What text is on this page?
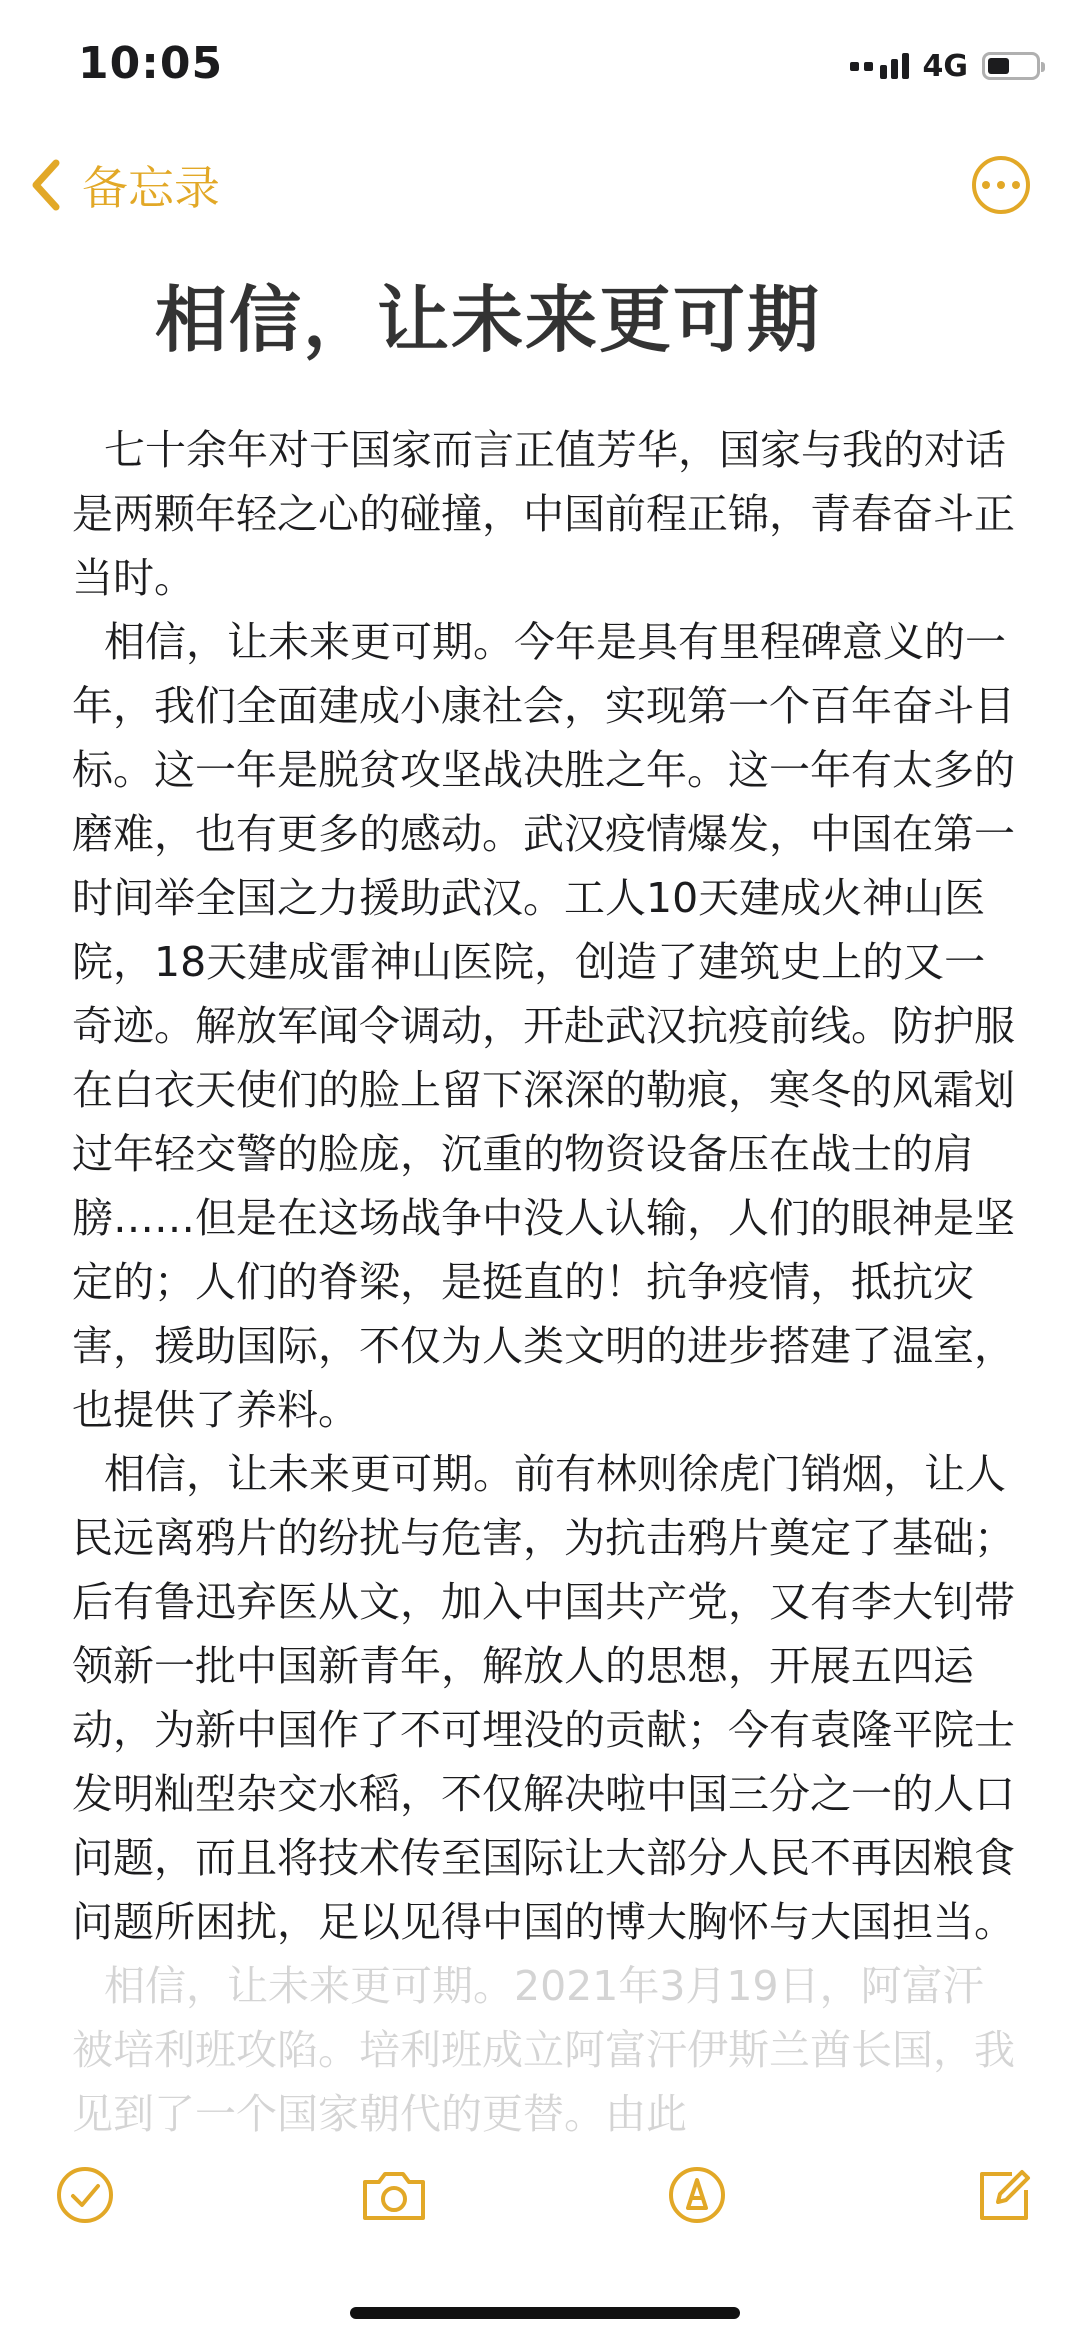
10:05	4G
备忘录
相信，让未来更可期

七十余年对于国家而言正值芳华，国家与我的对话是两颗年轻之心的碰撞，中国前程正锦，青春奋斗正当时。

相信，让未来更可期。今年是具有里程碑意义的一年，我们全面建成小康社会，实现第一个百年奋斗目标。这一年是脱贫攻坚战决胜之年。这一年有太多的磨难，也有更多的感动。武汉疫情爆发，中国在第一时间举全国之力援助武汉。工人10天建成火神山医院，18天建成雷神山医院，创造了建筑史上的又一奇迹。解放军闻令调动，开赴武汉抗疫前线。防护服在白衣天使们的脸上留下深深的勒痕，寒冬的风霜划过年轻交警的脸庞，沉重的物资设备压在战士的肩膀……但是在这场战争中没人认输，人们的眼神是坚定的；人们的脊梁，是挺直的！抗争疫情，抵抗灾害，援助国际，不仅为人类文明的进步搭建了温室，也提供了养料。

相信，让未来更可期。前有林则徐虎门销烟，让人民远离鸦片的纷扰与危害，为抗击鸦片奠定了基础；后有鲁迅弃医从文，加入中国共产党，又有李大钊带领新一批中国新青年，解放人的思想，开展五四运动，为新中国作了不可埋没的贡献；今有袁隆平院士发明籼型杂交水稻，不仅解决啦中国三分之一的人口问题，而且将技术传至国际让大部分人民不再因粮食问题所困扰，足以见得中国的博大胸怀与大国担当。

相信，让未来更可期。2021年3月19日，阿富汗被培利班攻陷。培利班成立阿富汗伊斯兰酋长国，我见到了一个国家朝代的更替。由此
